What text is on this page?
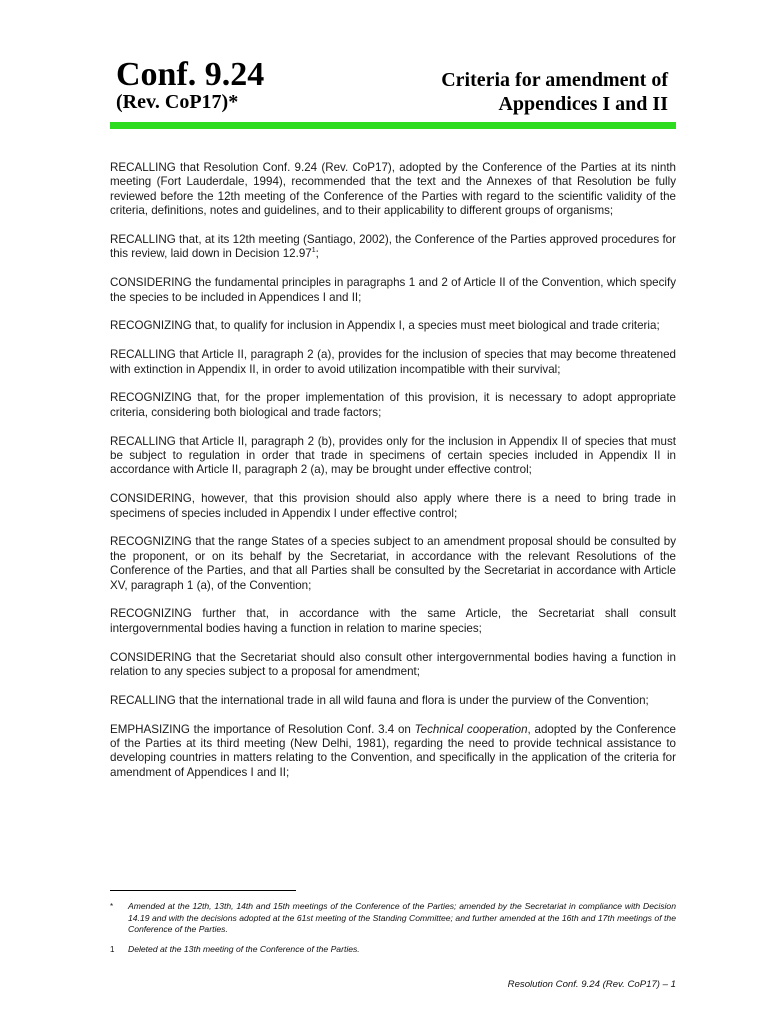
Conf. 9.24
(Rev. CoP17)*
Criteria for amendment of
Appendices I and II

RECALLING that Resolution Conf. 9.24 (Rev. CoP17), adopted by the Conference of the Parties at its ninth meeting (Fort Lauderdale, 1994), recommended that the text and the Annexes of that Resolution be fully reviewed before the 12th meeting of the Conference of the Parties with regard to the scientific validity of the criteria, definitions, notes and guidelines, and to their applicability to different groups of organisms;

RECALLING that, at its 12th meeting (Santiago, 2002), the Conference of the Parties approved procedures for this review, laid down in Decision 12.97$^1$;

CONSIDERING the fundamental principles in paragraphs 1 and 2 of Article II of the Convention, which specify the species to be included in Appendices I and II;

RECOGNIZING that, to qualify for inclusion in Appendix I, a species must meet biological and trade criteria;

RECALLING that Article II, paragraph 2 (a), provides for the inclusion of species that may become threatened with extinction in Appendix II, in order to avoid utilization incompatible with their survival;

RECOGNIZING that, for the proper implementation of this provision, it is necessary to adopt appropriate criteria, considering both biological and trade factors;

RECALLING that Article II, paragraph 2 (b), provides only for the inclusion in Appendix II of species that must be subject to regulation in order that trade in specimens of certain species included in Appendix II in accordance with Article II, paragraph 2 (a), may be brought under effective control;

CONSIDERING, however, that this provision should also apply where there is a need to bring trade in specimens of species included in Appendix I under effective control;

RECOGNIZING that the range States of a species subject to an amendment proposal should be consulted by the proponent, or on its behalf by the Secretariat, in accordance with the relevant Resolutions of the Conference of the Parties, and that all Parties shall be consulted by the Secretariat in accordance with Article XV, paragraph 1 (a), of the Convention;

RECOGNIZING further that, in accordance with the same Article, the Secretariat shall consult intergovernmental bodies having a function in relation to marine species;

CONSIDERING that the Secretariat should also consult other intergovernmental bodies having a function in relation to any species subject to a proposal for amendment;

RECALLING that the international trade in all wild fauna and flora is under the purview of the Convention;

EMPHASIZING the importance of Resolution Conf. 3.4 on Technical cooperation, adopted by the Conference of the Parties at its third meeting (New Delhi, 1981), regarding the need to provide technical assistance to developing countries in matters relating to the Convention, and specifically in the application of the criteria for amendment of Appendices I and II;

* Amended at the 12th, 13th, 14th and 15th meetings of the Conference of the Parties; amended by the Secretariat in compliance with Decision 14.19 and with the decisions adopted at the 61st meeting of the Standing Committee; and further amended at the 16th and 17th meetings of the Conference of the Parties.
1 Deleted at the 13th meeting of the Conference of the Parties.
Resolution Conf. 9.24 (Rev. CoP17) – 1
